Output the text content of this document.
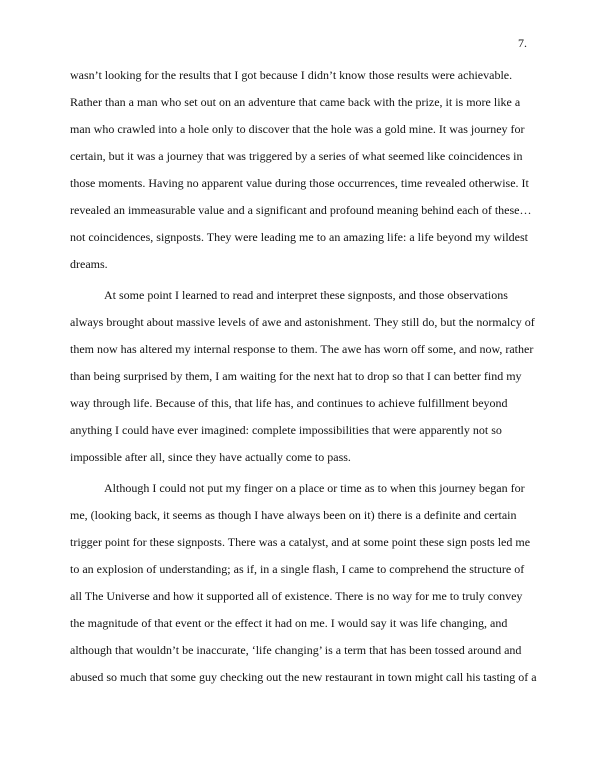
7.
wasn’t looking for the results that I got because I didn’t know those results were achievable.
Rather than a man who set out on an adventure that came back with the prize, it is more like a
man who crawled into a hole only to discover that the hole was a gold mine. It was journey for
certain, but it was a journey that was triggered by a series of what seemed like coincidences in
those moments. Having no apparent value during those occurrences, time revealed otherwise. It
revealed an immeasurable value and a significant and profound meaning behind each of these…
not coincidences, signposts. They were leading me to an amazing life: a life beyond my wildest
dreams.
At some point I learned to read and interpret these signposts, and those observations
always brought about massive levels of awe and astonishment. They still do, but the normalcy of
them now has altered my internal response to them. The awe has worn off some, and now, rather
than being surprised by them, I am waiting for the next hat to drop so that I can better find my
way through life. Because of this, that life has, and continues to achieve fulfillment beyond
anything I could have ever imagined: complete impossibilities that were apparently not so
impossible after all, since they have actually come to pass.
Although I could not put my finger on a place or time as to when this journey began for
me, (looking back, it seems as though I have always been on it) there is a definite and certain
trigger point for these signposts. There was a catalyst, and at some point these sign posts led me
to an explosion of understanding; as if, in a single flash, I came to comprehend the structure of
all The Universe and how it supported all of existence. There is no way for me to truly convey
the magnitude of that event or the effect it had on me. I would say it was life changing, and
although that wouldn’t be inaccurate, ‘life changing’ is a term that has been tossed around and
abused so much that some guy checking out the new restaurant in town might call his tasting of a
